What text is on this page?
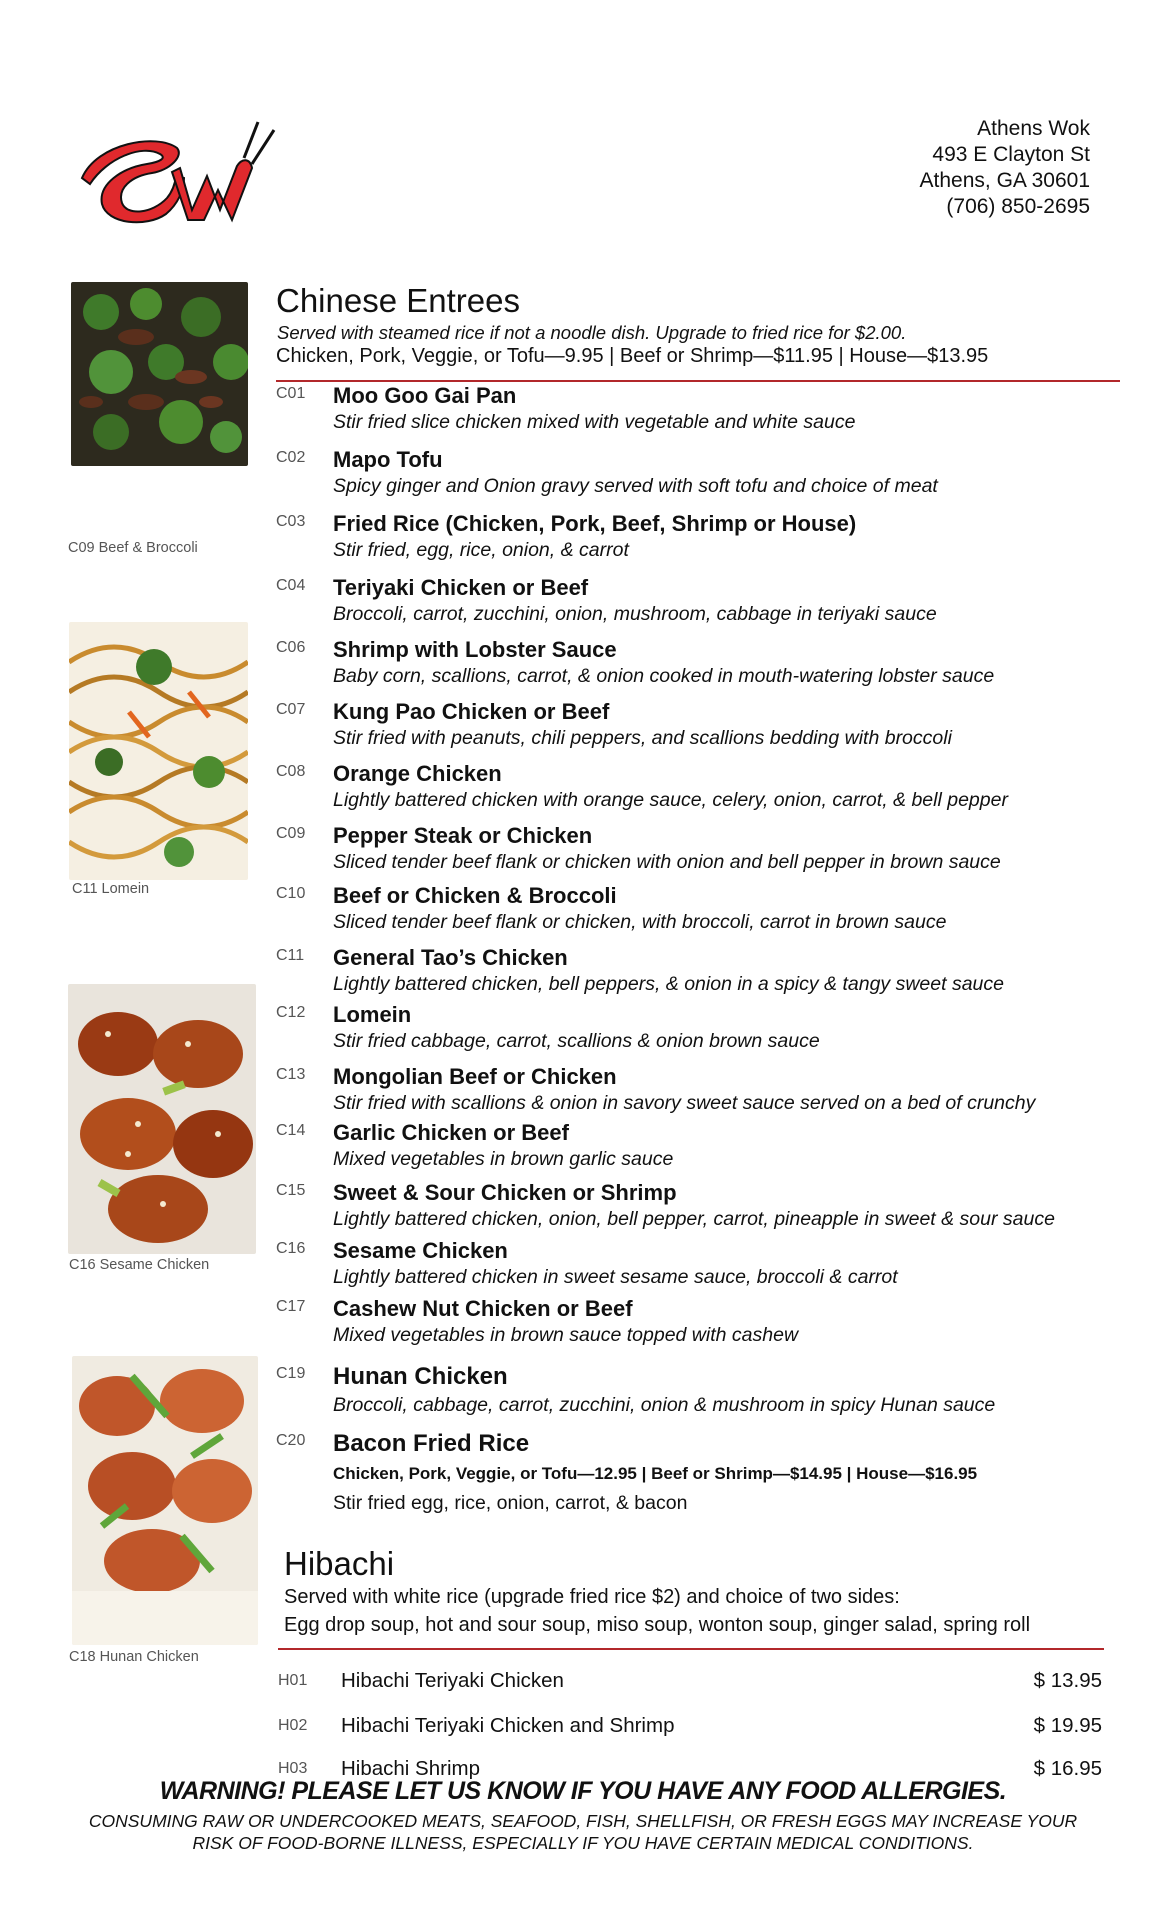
Athens Wok
493 E Clayton St
Athens, GA 30601
(706) 850-2695
C09 Beef & Broccoli
C11 Lomein
C16 Sesame Chicken
C18 Hunan Chicken
Chinese Entrees
Served with steamed rice if not a noodle dish. Upgrade to fried rice for $2.00.
Chicken, Pork, Veggie, or Tofu—9.95 | Beef or Shrimp—$11.95 | House—$13.95
C01 Moo Goo Gai Pan
Stir fried slice chicken mixed with vegetable and white sauce
C02 Mapo Tofu
Spicy ginger and Onion gravy served with soft tofu and choice of meat
C03 Fried Rice (Chicken, Pork, Beef, Shrimp or House)
Stir fried, egg, rice, onion, & carrot
C04 Teriyaki Chicken or Beef
Broccoli, carrot, zucchini, onion, mushroom, cabbage in teriyaki sauce
C06 Shrimp with Lobster Sauce
Baby corn, scallions, carrot, & onion cooked in mouth-watering lobster sauce
C07 Kung Pao Chicken or Beef
Stir fried with peanuts, chili peppers, and scallions bedding with broccoli
C08 Orange Chicken
Lightly battered chicken with orange sauce, celery, onion, carrot, & bell pepper
C09 Pepper Steak or Chicken
Sliced tender beef flank or chicken with onion and bell pepper in brown sauce
C10 Beef or Chicken & Broccoli
Sliced tender beef flank or chicken, with broccoli, carrot in brown sauce
C11 General Tao’s Chicken
Lightly battered chicken, bell peppers, & onion in a spicy & tangy sweet sauce
C12 Lomein
Stir fried cabbage, carrot, scallions & onion brown sauce
C13 Mongolian Beef or Chicken
Stir fried with scallions & onion in savory sweet sauce served on a bed of crunchy
C14 Garlic Chicken or Beef
Mixed vegetables in brown garlic sauce
C15 Sweet & Sour Chicken or Shrimp
Lightly battered chicken, onion, bell pepper, carrot, pineapple in sweet & sour sauce
C16 Sesame Chicken
Lightly battered chicken in sweet sesame sauce, broccoli & carrot
C17 Cashew Nut Chicken or Beef
Mixed vegetables in brown sauce topped with cashew
C19 Hunan Chicken
Broccoli, cabbage, carrot, zucchini, onion & mushroom in spicy Hunan sauce
C20 Bacon Fried Rice
Chicken, Pork, Veggie, or Tofu—12.95 | Beef or Shrimp—$14.95 | House—$16.95
Stir fried egg, rice, onion, carrot, & bacon
Hibachi
Served with white rice (upgrade fried rice $2) and choice of two sides:
Egg drop soup, hot and sour soup, miso soup, wonton soup, ginger salad, spring roll
H01 Hibachi Teriyaki Chicken	$ 13.95
H02 Hibachi Teriyaki Chicken and Shrimp	$ 19.95
H03 Hibachi Shrimp	$ 16.95
WARNING! PLEASE LET US KNOW IF YOU HAVE ANY FOOD ALLERGIES.
CONSUMING RAW OR UNDERCOOKED MEATS, SEAFOOD, FISH, SHELLFISH, OR FRESH EGGS MAY INCREASE YOUR
RISK OF FOOD-BORNE ILLNESS, ESPECIALLY IF YOU HAVE CERTAIN MEDICAL CONDITIONS.
